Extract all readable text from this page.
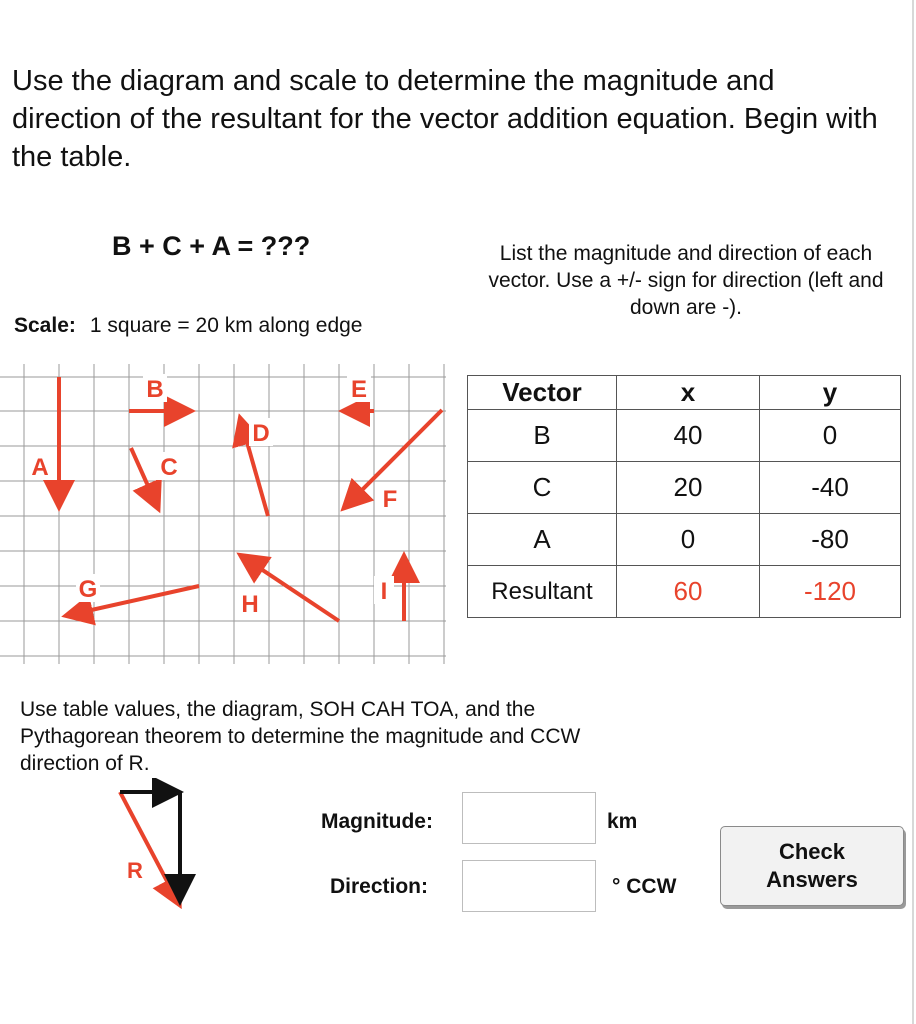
Use the diagram and scale to determine the magnitude and direction of the resultant for the vector addition equation. Begin with the table.

B + C + A = ???	List the magnitude and direction of each vector. Use a +/- sign for direction (left and down are -).
Scale: 1 square = 20 km along edge
A
B
C
D
E
F
G
H	I
Vector	x	y
B	40	0
C	20	-40
A	0	-80
Resultant	60	-120
Use table values, the diagram, SOH CAH TOA, and the Pythagorean theorem to determine the magnitude and CCW direction of R.
R
Magnitude:	km
Direction:	° CCW
Check
Answers
